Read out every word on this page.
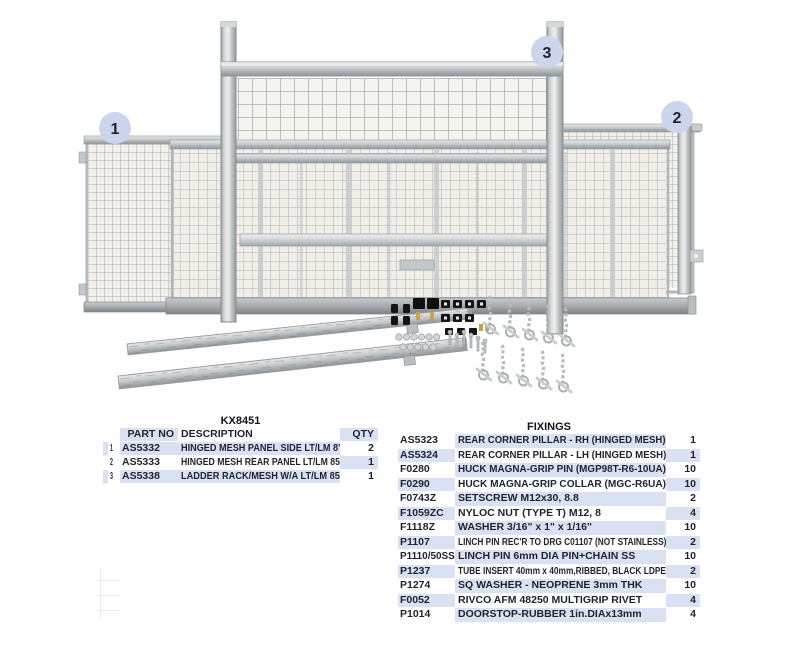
1
2
3
KX8451
PART NO DESCRIPTION	QTY
1 AS5332	HINGED MESH PANEL SIDE LT/LM 8'	2
2 AS5333	HINGED MESH REAR PANEL LT/LM 85	1
3 AS5338	LADDER RACK/MESH W/A LT/LM 85	1
FIXINGS
AS5323	REAR CORNER PILLAR - RH (HINGED MESH)	1
AS5324	REAR CORNER PILLAR - LH (HINGED MESH)	1
F0280	HUCK MAGNA-GRIP PIN (MGP98T-R6-10UA)	10
F0290	HUCK MAGNA-GRIP COLLAR (MGC-R6UA)	10
F0743Z	SETSCREW M12x30, 8.8	2
F1059ZC	NYLOC NUT (TYPE T) M12, 8	4
F1118Z	WASHER 3/16" x 1" x 1/16"	10
P1107	LINCH PIN REC'R TO DRG C01107 (NOT STAINLESS)	2
P1110/50SS LINCH PIN 6mm DIA PIN+CHAIN SS	10
P1237	TUBE INSERT 40mm x 40mm,RIBBED, BLACK LDPE	2
P1274	SQ WASHER - NEOPRENE 3mm THK	10
F0052	RIVCO AFM 48250 MULTIGRIP RIVET	4
P1014	DOORSTOP-RUBBER 1in.DIAx13mm	4
